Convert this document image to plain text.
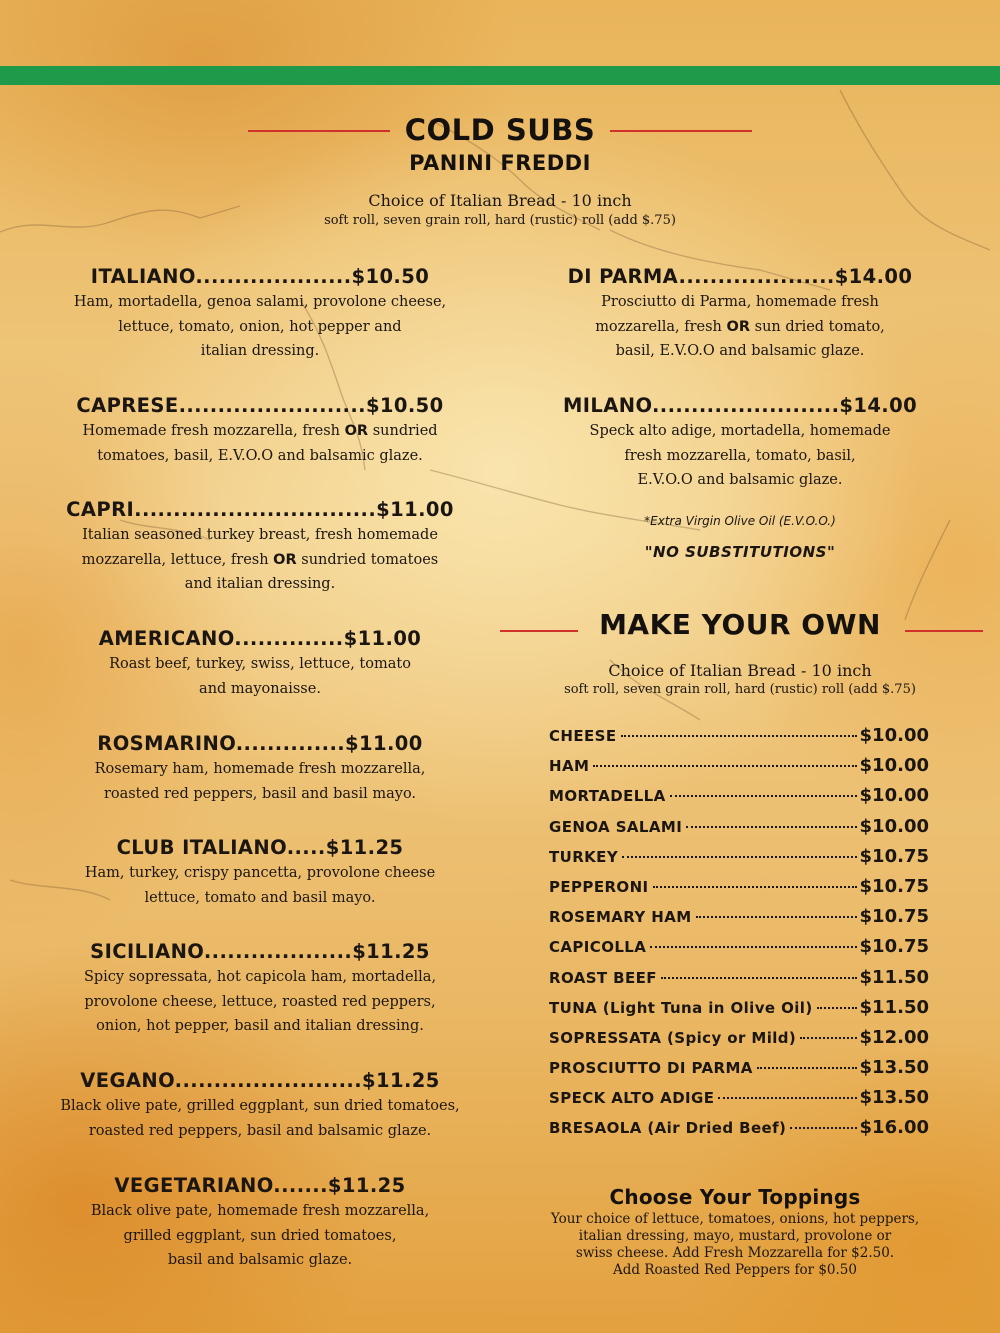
COLD SUBS
PANINI FREDDI
Choice of Italian Bread - 10 inch
soft roll, seven grain roll, hard (rustic) roll (add $.75)
ITALIANO....................$10.50
Ham, mortadella, genoa salami, provolone cheese,
lettuce, tomato, onion, hot pepper and
italian dressing.
CAPRESE........................$10.50
Homemade fresh mozzarella, fresh OR sundried
tomatoes, basil, E.V.O.O and balsamic glaze.
CAPRI...............................$11.00
Italian seasoned turkey breast, fresh homemade
mozzarella, lettuce, fresh OR sundried tomatoes
and italian dressing.
AMERICANO..............$11.00
Roast beef, turkey, swiss, lettuce, tomato
and mayonaisse.
ROSMARINO..............$11.00
Rosemary ham, homemade fresh mozzarella,
roasted red peppers, basil and basil mayo.
CLUB ITALIANO.....$11.25
Ham, turkey, crispy pancetta, provolone cheese
lettuce, tomato and basil mayo.
SICILIANO...................$11.25
Spicy sopressata, hot capicola ham, mortadella,
provolone cheese, lettuce, roasted red peppers,
onion, hot pepper, basil and italian dressing.
VEGANO........................$11.25
Black olive pate, grilled eggplant, sun dried tomatoes,
roasted red peppers, basil and balsamic glaze.
VEGETARIANO.......$11.25
Black olive pate, homemade fresh mozzarella,
grilled eggplant, sun dried tomatoes,
basil and balsamic glaze.
DI PARMA....................$14.00
Prosciutto di Parma, homemade fresh
mozzarella, fresh OR sun dried tomato,
basil, E.V.O.O and balsamic glaze.
MILANO........................$14.00
Speck alto adige, mortadella, homemade
fresh mozzarella, tomato, basil,
E.V.O.O and balsamic glaze.
*Extra Virgin Olive Oil (E.V.O.O.)
"NO SUBSTITUTIONS"
MAKE YOUR OWN
Choice of Italian Bread - 10 inch
soft roll, seven grain roll, hard (rustic) roll (add $.75)
CHEESE	$10.00
HAM	$10.00
MORTADELLA	$10.00
GENOA SALAMI	$10.00
TURKEY	$10.75
PEPPERONI	$10.75
ROSEMARY HAM	$10.75
CAPICOLLA	$10.75
ROAST BEEF	$11.50
TUNA (Light Tuna in Olive Oil)	$11.50
SOPRESSATA (Spicy or Mild)	$12.00
PROSCIUTTO DI PARMA	$13.50
SPECK ALTO ADIGE	$13.50
BRESAOLA (Air Dried Beef)	$16.00
Choose Your Toppings
Your choice of lettuce, tomatoes, onions, hot peppers,
italian dressing, mayo, mustard, provolone or
swiss cheese. Add Fresh Mozzarella for $2.50.
Add Roasted Red Peppers for $0.50
